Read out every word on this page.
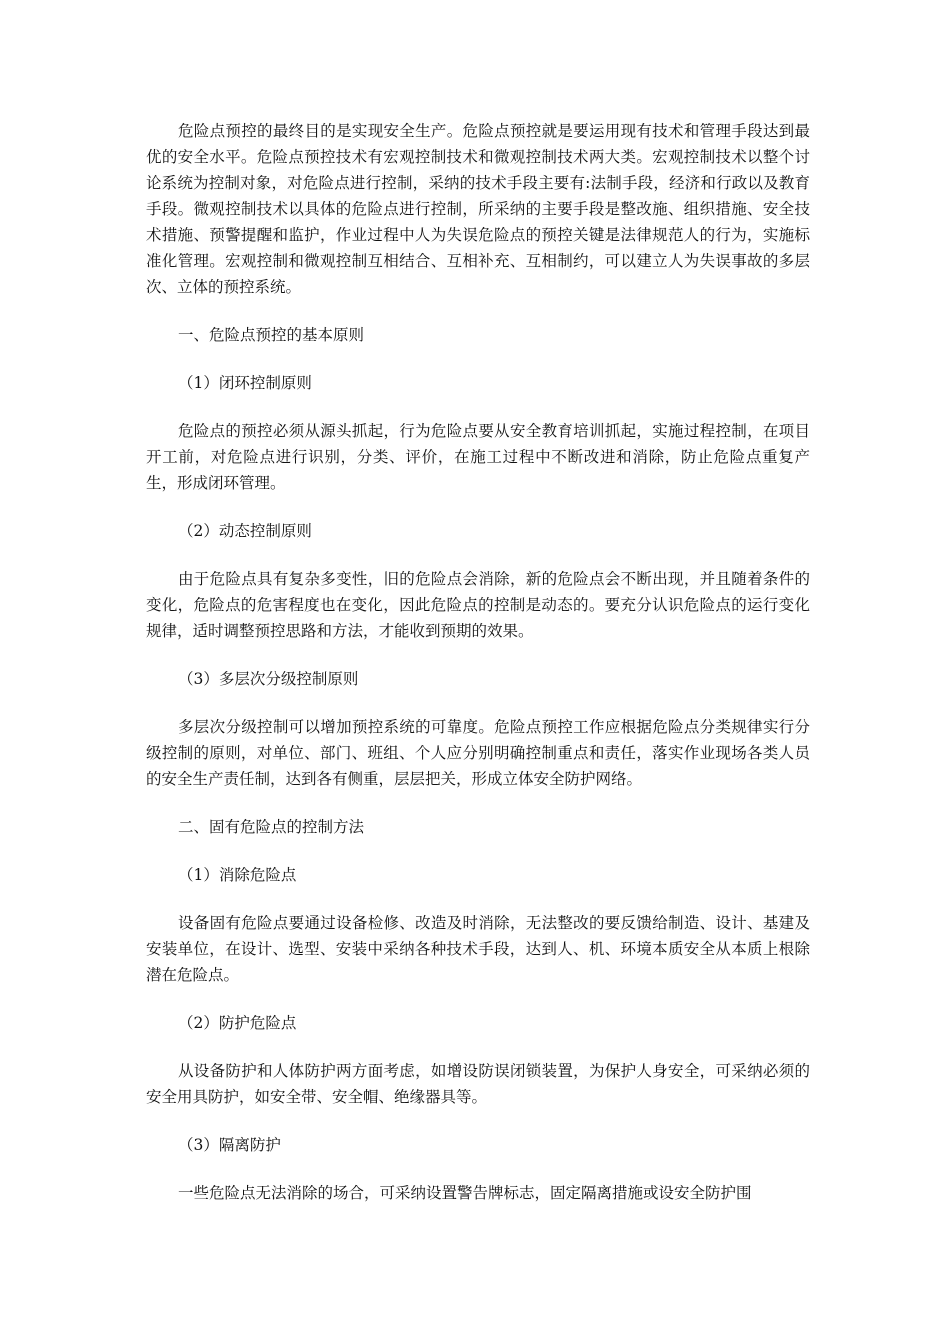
危险点预控的最终目的是实现安全生产。危险点预控就是要运用现有技术和管理手段达到最优的安全水平。危险点预控技术有宏观控制技术和微观控制技术两大类。宏观控制技术以整个讨论系统为控制对象，对危险点进行控制，采纳的技术手段主要有:法制手段，经济和行政以及教育手段。微观控制技术以具体的危险点进行控制，所采纳的主要手段是整改施、组织措施、安全技术措施、预警提醒和监护，作业过程中人为失误危险点的预控关键是法律规范人的行为，实施标准化管理。宏观控制和微观控制互相结合、互相补充、互相制约，可以建立人为失误事故的多层次、立体的预控系统。

一、危险点预控的基本原则

（1）闭环控制原则

危险点的预控必须从源头抓起，行为危险点要从安全教育培训抓起，实施过程控制，在项目开工前，对危险点进行识别，分类、评价，在施工过程中不断改进和消除，防止危险点重复产生，形成闭环管理。

（2）动态控制原则

由于危险点具有复杂多变性，旧的危险点会消除，新的危险点会不断出现，并且随着条件的变化，危险点的危害程度也在变化，因此危险点的控制是动态的。要充分认识危险点的运行变化规律，适时调整预控思路和方法，才能收到预期的效果。

（3）多层次分级控制原则

多层次分级控制可以增加预控系统的可靠度。危险点预控工作应根据危险点分类规律实行分级控制的原则，对单位、部门、班组、个人应分别明确控制重点和责任，落实作业现场各类人员的安全生产责任制，达到各有侧重，层层把关，形成立体安全防护网络。

二、固有危险点的控制方法

（1）消除危险点

设备固有危险点要通过设备检修、改造及时消除，无法整改的要反馈给制造、设计、基建及安装单位，在设计、选型、安装中采纳各种技术手段，达到人、机、环境本质安全从本质上根除潜在危险点。

（2）防护危险点

从设备防护和人体防护两方面考虑，如增设防误闭锁装置，为保护人身安全，可采纳必须的安全用具防护，如安全带、安全帽、绝缘器具等。

（3）隔离防护

一些危险点无法消除的场合，可采纳设置警告牌标志，固定隔离措施或设安全防护围
